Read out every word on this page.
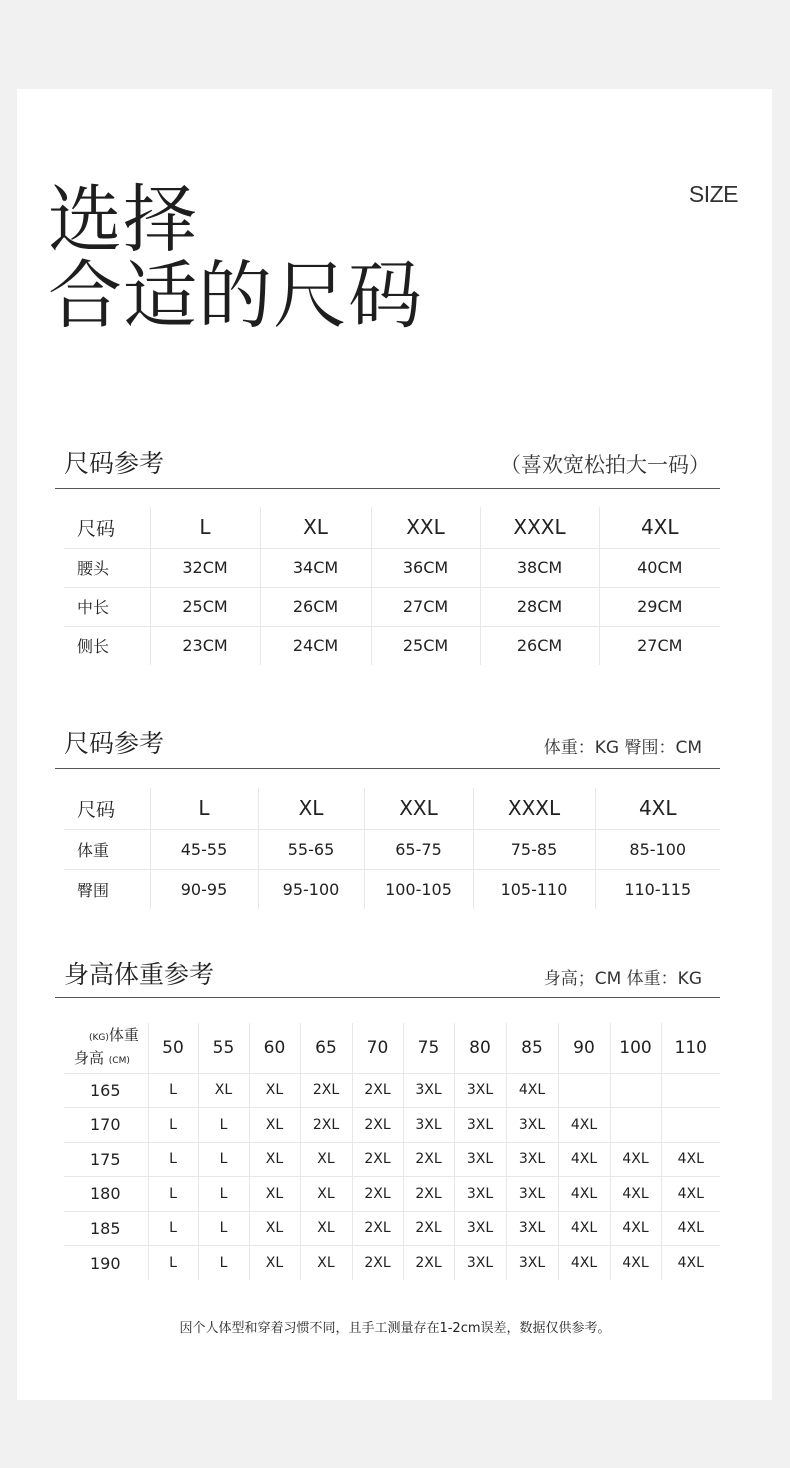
选择
合适的尺码
SIZE
尺码参考	（喜欢宽松拍大一码）
尺码	L	XL	XXL	XXXL	4XL
腰头	32CM	34CM	36CM	38CM	40CM
中长	25CM	26CM	27CM	28CM	29CM
侧长	23CM	24CM	25CM	26CM	27CM
尺码参考	体重：KG 臀围：CM
尺码	L	XL	XXL	XXXL	4XL
体重	45-55	55-65	65-75	75-85	85-100
臀围	90-95	95-100	100-105	105-110	110-115
身高体重参考	身高；CM 体重：KG
(KG)体重
身高 (CM)	50	55	60	65	70	75	80	85	90	100	110
165	L	XL	XL	2XL	2XL	3XL	3XL	4XL			
170	L	L	XL	2XL	2XL	3XL	3XL	3XL	4XL		
175	L	L	XL	XL	2XL	2XL	3XL	3XL	4XL	4XL	4XL
180	L	L	XL	XL	2XL	2XL	3XL	3XL	4XL	4XL	4XL
185	L	L	XL	XL	2XL	2XL	3XL	3XL	4XL	4XL	4XL
190	L	L	XL	XL	2XL	2XL	3XL	3XL	4XL	4XL	4XL
因个人体型和穿着习惯不同，且手工测量存在1-2cm误差，数据仅供参考。
